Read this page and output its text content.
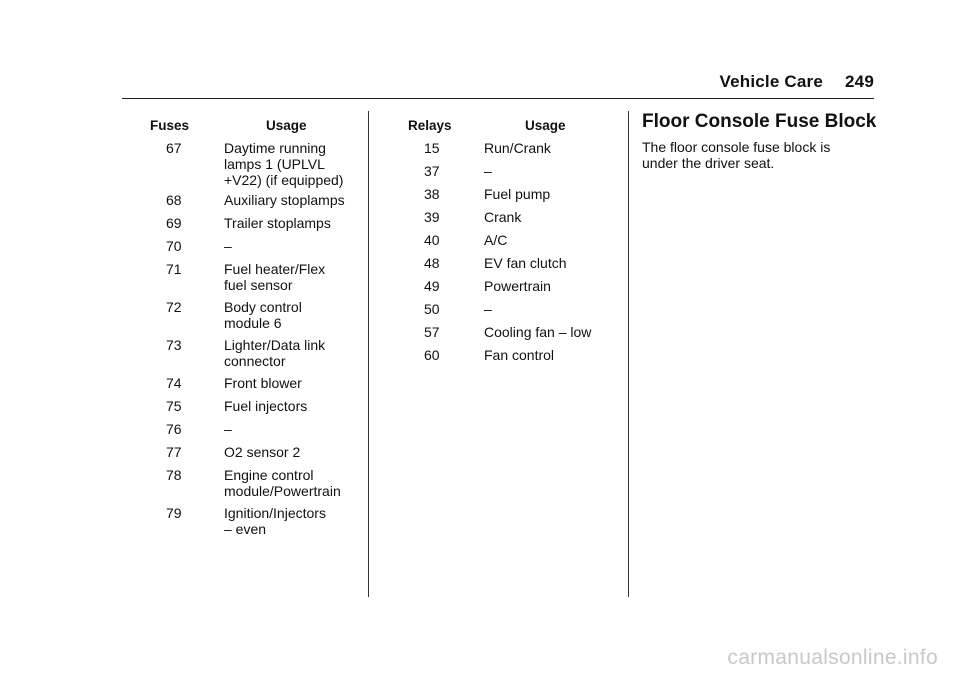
Vehicle Care 249
Fuses	Usage
67	Daytime running
lamps 1 (UPLVL
+V22) (if equipped)
68	Auxiliary stoplamps
69	Trailer stoplamps
70	–
71	Fuel heater/Flex
fuel sensor
72	Body control
module 6
73	Lighter/Data link
connector
74	Front blower
75	Fuel injectors
76	–
77	O2 sensor 2
78	Engine control
module/Powertrain
79	Ignition/Injectors
– even
Relays	Usage
15	Run/Crank
37	–
38	Fuel pump
39	Crank
40	A/C
48	EV fan clutch
49	Powertrain
50	–
57	Cooling fan – low
60	Fan control
Floor Console Fuse Block
The floor console fuse block is
under the driver seat.
carmanualsonline.info
